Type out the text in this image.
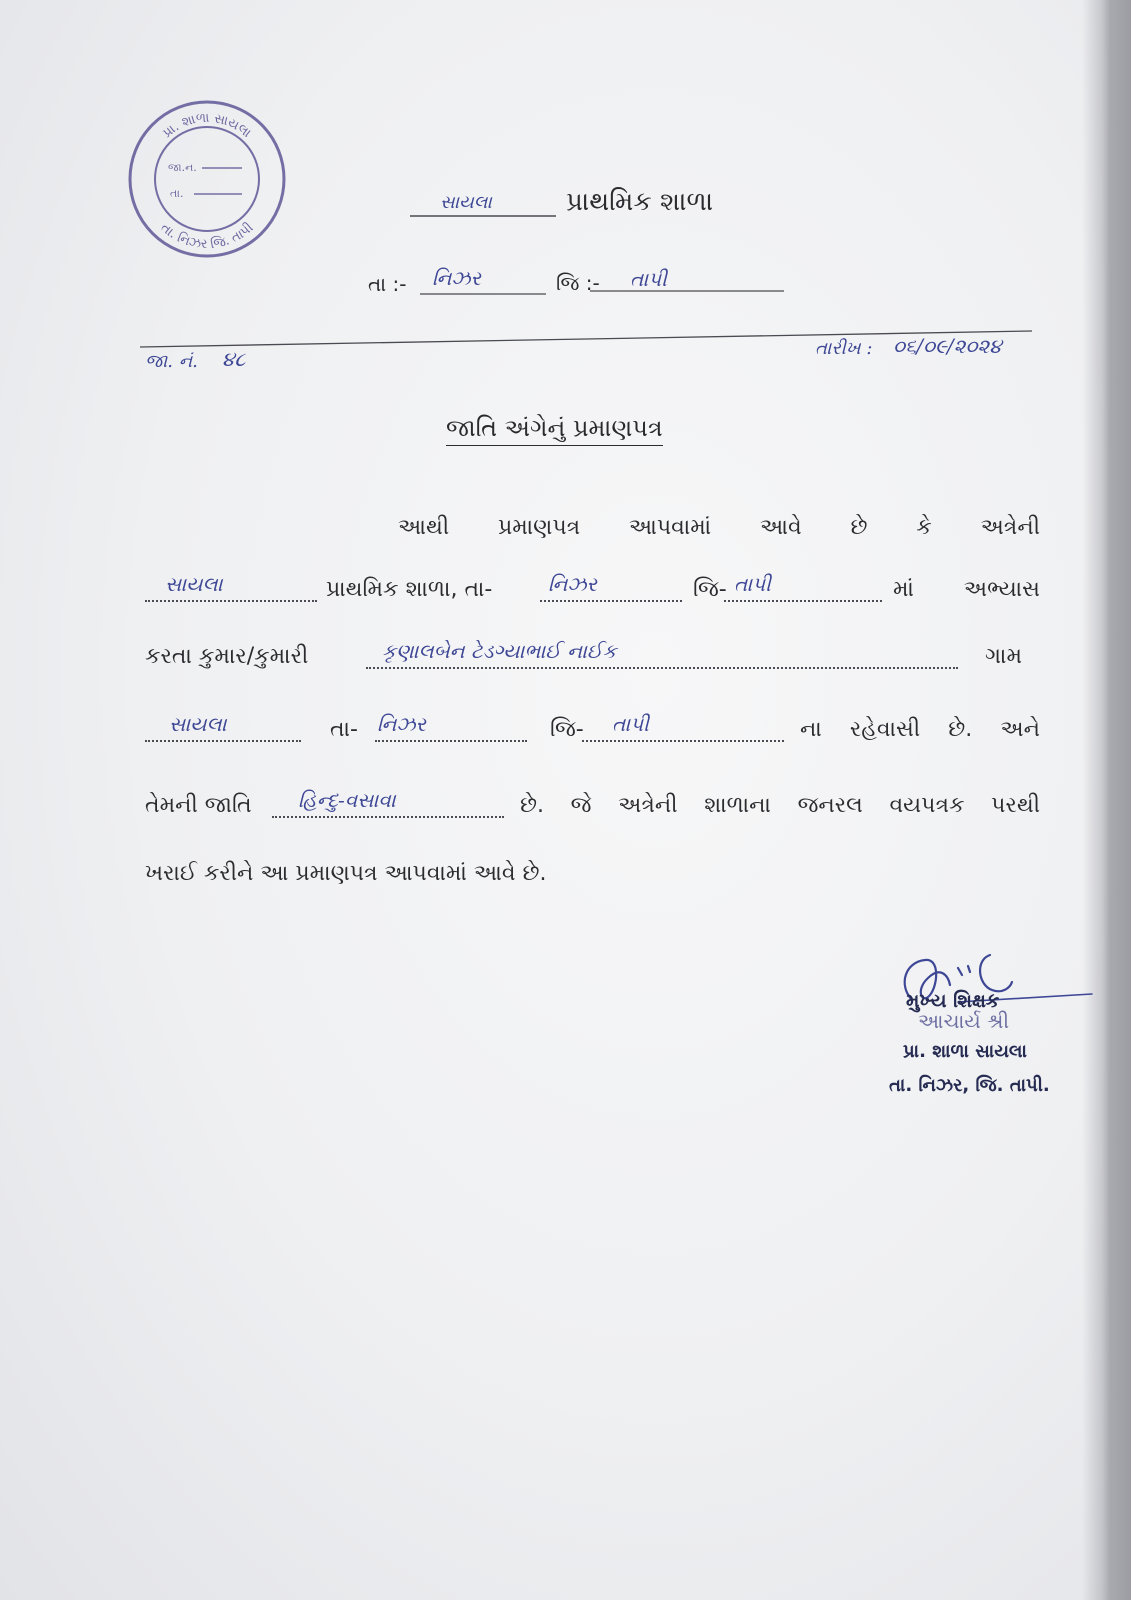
પ્રા. શાળા સાયલા
તા. નિઝર જિ. તાપી
જા.ન.
તા.	સાયલા	પ્રાથમિક શાળા
તા :- નિઝર	જિ :- તાપી
જા. નં. ૪૮	તારીખ : ૦૬/૦૯/૨૦૨૪
જાતિ અંગેનું પ્રમાણપત્ર
આથી પ્રમાણપત્ર આપવામાં આવે છે કે અત્રેની
સાયલા	પ્રાથમિક શાળા, તા-	નિઝર	જિ- તાપી	માં અભ્યાસ
કરતા કુમાર/કુમારી	કૃણાલબેન ટેડગ્યાભાઈ નાઈક	ગામ
સાયલા	તા- નિઝર	જિ- તાપી	ના રહેવાસી છે. અને
તેમની જાતિ હિન્દુ-વસાવા	છે. જે અત્રેની શાળાના જનરલ વયપત્રક પરથી
ખરાઈ કરીને આ પ્રમાણપત્ર આપવામાં આવે છે.
મુખ્ય શિક્ષક
આચાર્ય શ્રી
પ્રા. શાળા સાયલા
તા. નિઝર, જિ. તાપી.
